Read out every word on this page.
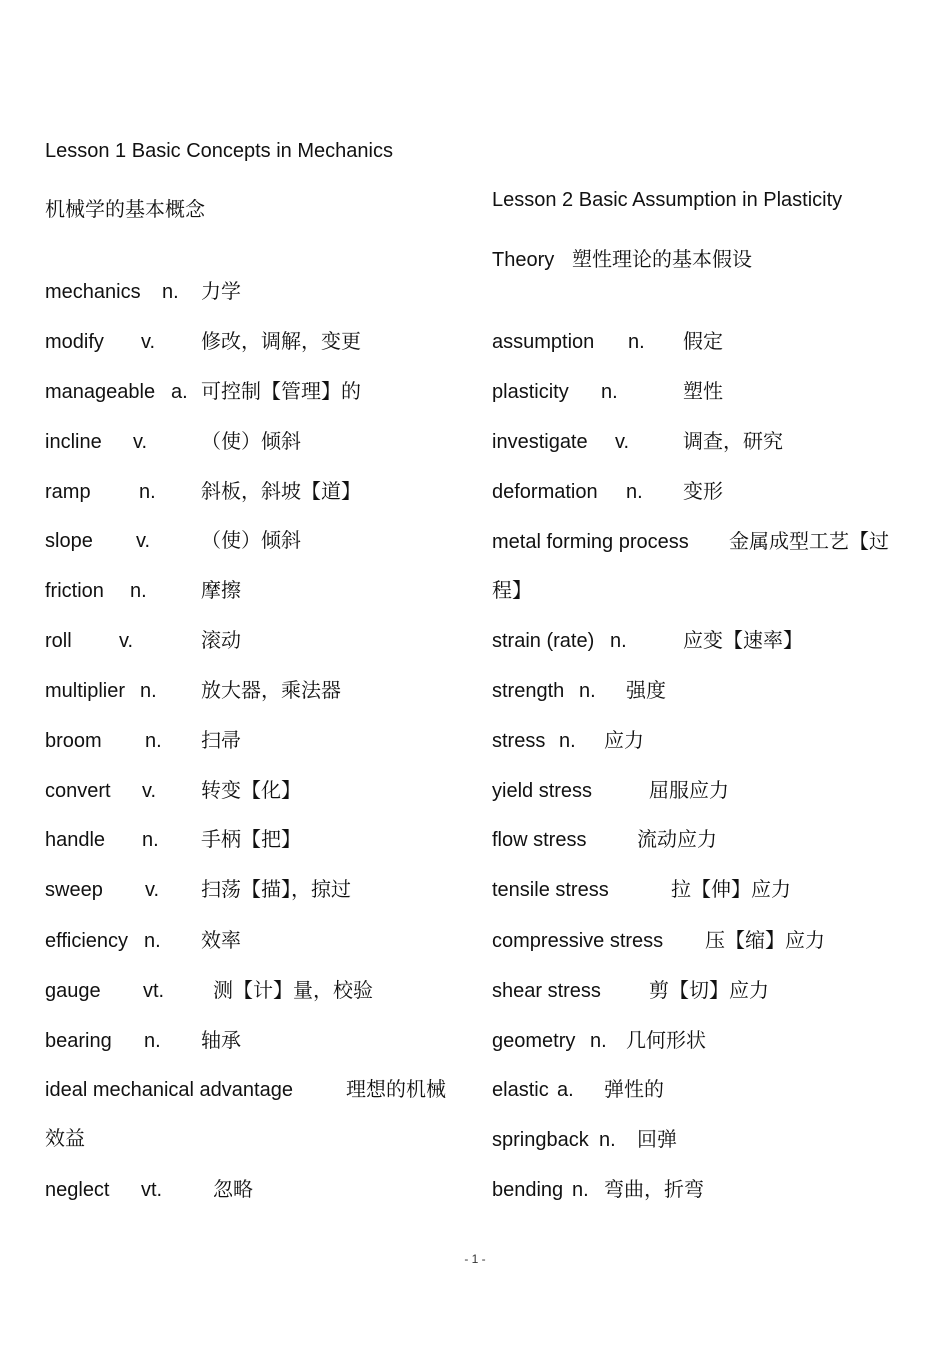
Lesson 1 Basic Concepts in Mechanics
机械学的基本概念
mechanics n. 力学
modify v. 修改，调解，变更
manageable a. 可控制【管理】的
incline v.	（使）倾斜
ramp n. 斜板，斜坡【道】
slope v.	（使）倾斜
friction n.	摩擦
roll v.	滚动
multiplier n. 放大器，乘法器
broom n. 扫帚
convert v. 转变【化】
handle n. 手柄【把】
sweep v. 扫荡【描】，掠过
efficiency n. 效率
gauge vt. 测【计】量，校验
bearing n. 轴承
ideal mechanical advantage	理想的机械
效益
neglect vt.	忽略
Lesson 2 Basic Assumption in Plasticity
Theory 塑性理论的基本假设
assumption n. 假定
plasticity n.	塑性
investigate v.	调查，研究
deformation n. 变形
metal forming process 金属成型工艺【过
程】
strain (rate) n.	应变【速率】
strength n. 强度
stress n. 应力
yield stress	屈服应力
flow stress	流动应力
tensile stress	拉【伸】应力
compressive stress 压【缩】应力
shear stress 剪【切】应力
geometry n. 几何形状
elastic a. 弹性的
springback n. 回弹
bending n. 弯曲，折弯
- 1 -
